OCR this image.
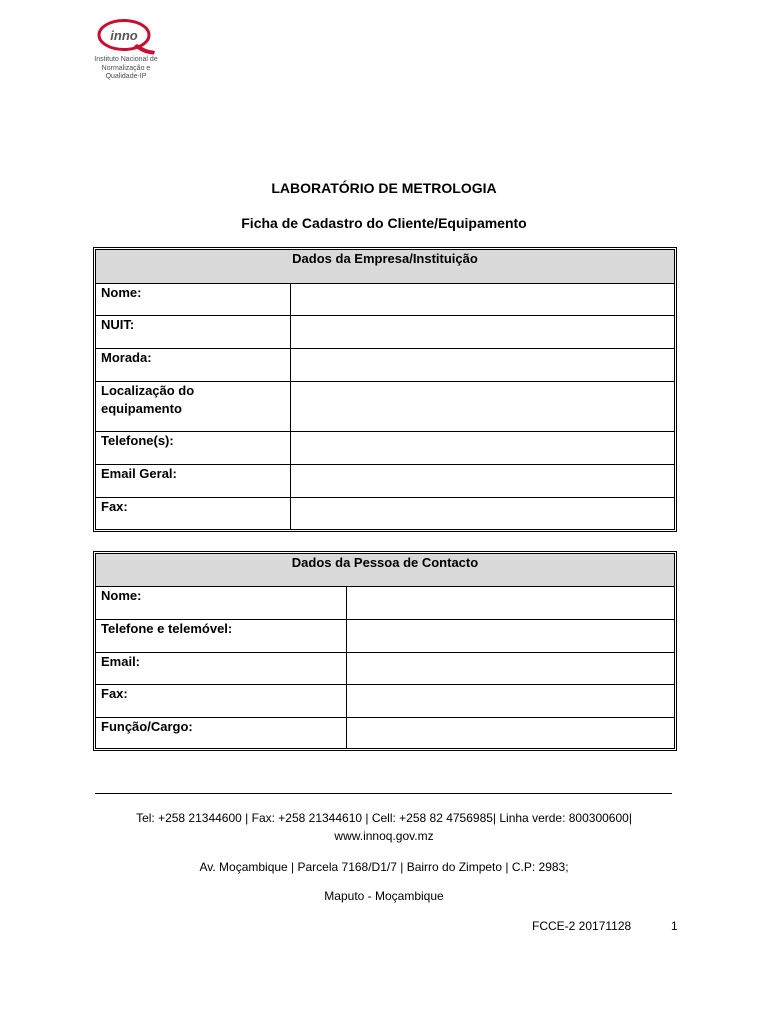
inno
Instituto Nacional de
Normalização e
Qualidade-IP
LABORATÓRIO DE METROLOGIA
Ficha de Cadastro do Cliente/Equipamento
Dados da Empresa/Instituição	
Nome:	
NUIT:	
Morada:	

Localização do equipamento	

Telefone(s):	
Email Geral:	
Fax:	
Dados da Pessoa de Contacto	
Nome:	
Telefone e telemóvel:	
Email:	
Fax:	
Função/Cargo:	
Tel: +258 21344600 | Fax: +258 21344610 | Cell: +258 82 4756985| Linha verde: 800300600|
www.innoq.gov.mz
Av. Moçambique | Parcela 7168/D1/7 | Bairro do Zimpeto | C.P: 2983;
Maputo - Moçambique
FCCE-2 20171128	1
